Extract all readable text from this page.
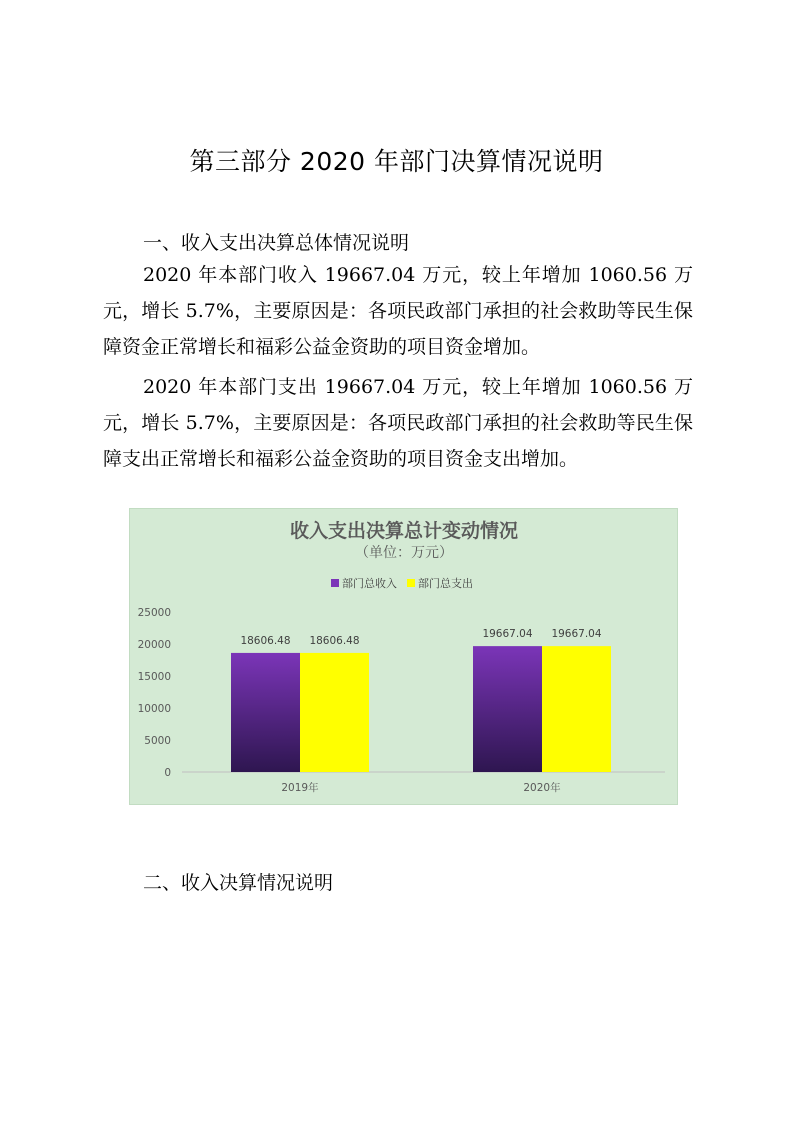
第三部分 2020 年部门决算情况说明
一、收入支出决算总体情况说明
2020 年本部门收入 19667.04 万元，较上年增加 1060.56 万元，增长 5.7%，主要原因是：各项民政部门承担的社会救助等民生保障资金正常增长和福彩公益金资助的项目资金增加。
2020 年本部门支出 19667.04 万元，较上年增加 1060.56 万元，增长 5.7%，主要原因是：各项民政部门承担的社会救助等民生保障支出正常增长和福彩公益金资助的项目资金支出增加。
收入支出决算总计变动情况
（单位：万元）
部门总收入 部门总支出
0
5000
10000
15000
20000
25000
18606.48 18606.48
19667.04 19667.04
2019年	2020年
二、收入决算情况说明
